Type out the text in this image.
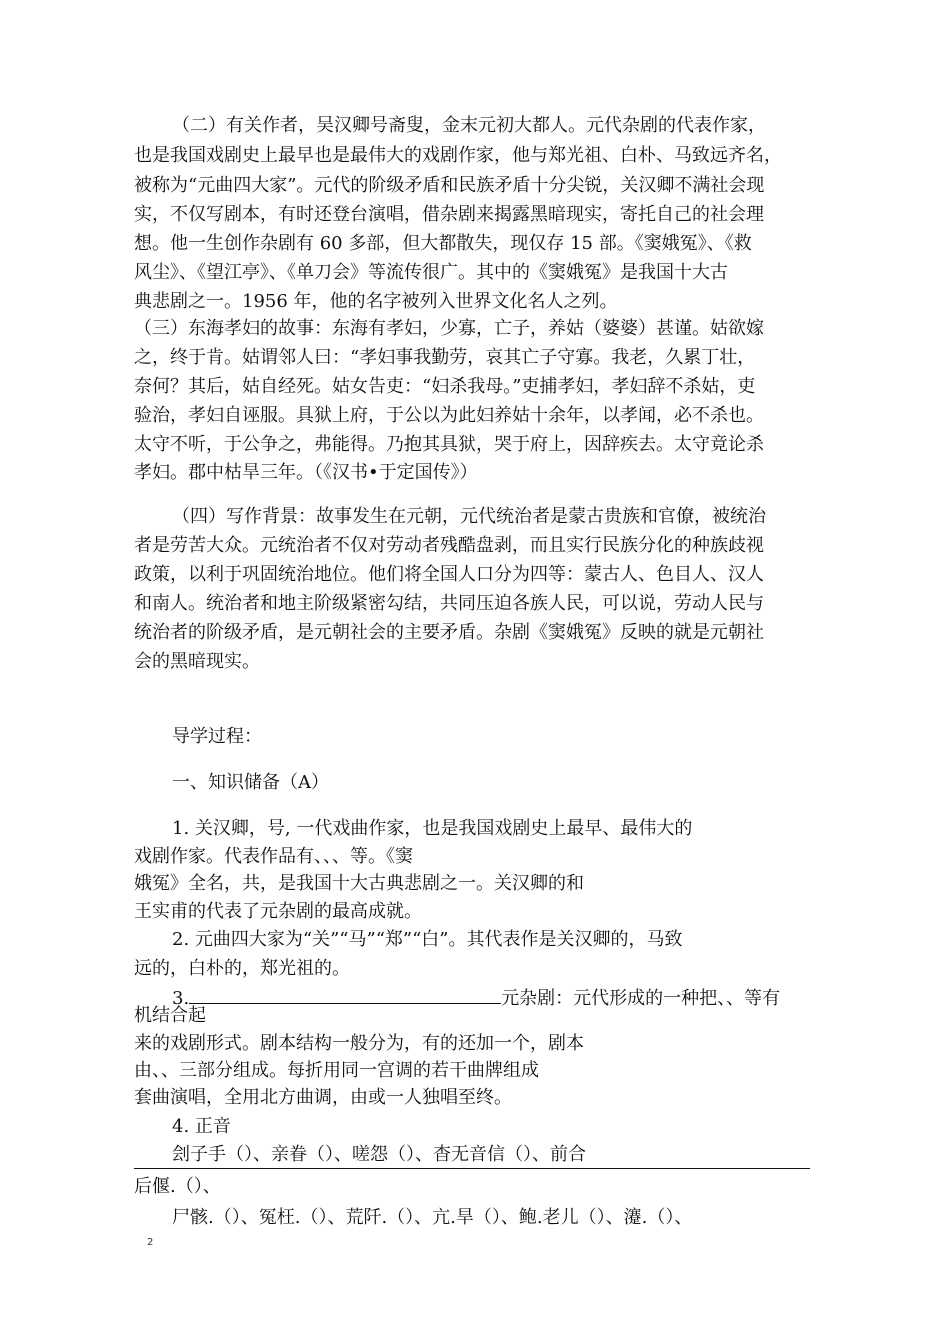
（二）有关作者，吴汉卿号斋叟，金末元初大都人。元代杂剧的代表作家，
也是我国戏剧史上最早也是最伟大的戏剧作家，他与郑光祖、白朴、马致远齐名，
被称为“元曲四大家”。元代的阶级矛盾和民族矛盾十分尖锐，关汉卿不满社会现
实，不仅写剧本，有时还登台演唱，借杂剧来揭露黑暗现实，寄托自己的社会理
想。他一生创作杂剧有 60 多部，但大都散失，现仅存 15 部。《窦娥冤》、《救
风尘》、《望江亭》、《单刀会》等流传很广。其中的《窦娥冤》是我国十大古
典悲剧之一。1956 年，他的名字被列入世界文化名人之列。
（三）东海孝妇的故事：东海有孝妇，少寡，亡子，养姑（婆婆）甚谨。姑欲嫁
之，终于肯。姑谓邻人曰：“孝妇事我勤劳，哀其亡子守寡。我老，久累丁壮，
奈何？其后，姑自经死。姑女告吏：“妇杀我母。”吏捕孝妇，孝妇辞不杀姑，吏
验治，孝妇自诬服。具狱上府，于公以为此妇养姑十余年，以孝闻，必不杀也。
太守不听，于公争之，弗能得。乃抱其具狱，哭于府上，因辞疾去。太守竟论杀
孝妇。郡中枯旱三年。（《汉书•于定国传》）
（四）写作背景：故事发生在元朝，元代统治者是蒙古贵族和官僚，被统治
者是劳苦大众。元统治者不仅对劳动者残酷盘剥，而且实行民族分化的种族歧视
政策，以利于巩固统治地位。他们将全国人口分为四等：蒙古人、色目人、汉人
和南人。统治者和地主阶级紧密勾结，共同压迫各族人民，可以说，劳动人民与
统治者的阶级矛盾，是元朝社会的主要矛盾。杂剧《窦娥冤》反映的就是元朝社
会的黑暗现实。
导学过程：
一、知识储备（A）
1. 关汉卿，号, 一代戏曲作家，也是我国戏剧史上最早、最伟大的
戏剧作家。代表作品有、、、等。《窦
娥冤》全名，共，是我国十大古典悲剧之一。关汉卿的和
王实甫的代表了元杂剧的最高成就。
2. 元曲四大家为“关”“马”“郑”“白”。其代表作是关汉卿的，马致
远的，白朴的，郑光祖的。
3.	元杂剧：元代形成的一种把、、等有
机结合起
来的戏剧形式。剧本结构一般分为，有的还加一个，剧本
由、、三部分组成。每折用同一宫调的若干曲牌组成
套曲演唱，全用北方曲调，由或一人独唱至终。
4. 正音
刽子手（）、亲眷（）、嗟怨（）、杳无音信（）、前合
后偃.（）、
尸骸.（）、冤枉.（）、荒阡.（）、亢.旱（）、鲍.老儿（）、瀽.（）、
2
